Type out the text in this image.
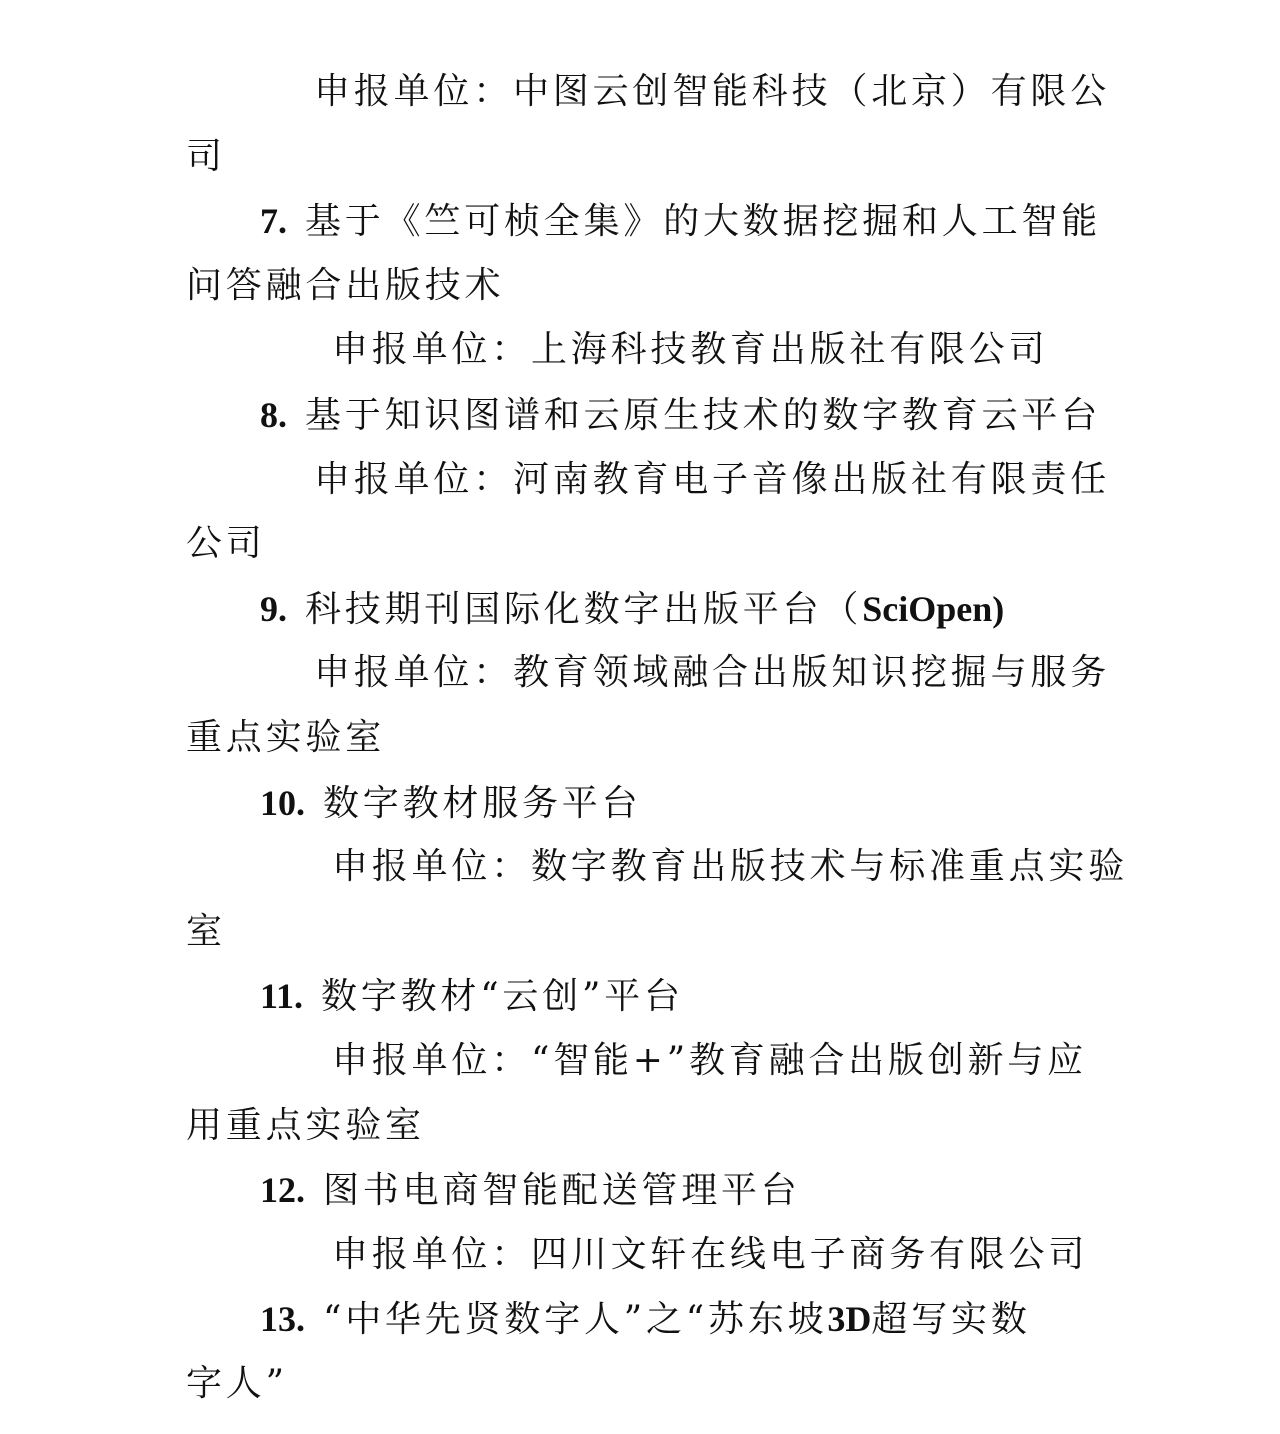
申报单位：中图云创智能科技（北京）有限公
司
7. 基于《竺可桢全集》的大数据挖掘和人工智能
问答融合出版技术
申报单位：上海科技教育出版社有限公司
8. 基于知识图谱和云原生技术的数字教育云平台
申报单位：河南教育电子音像出版社有限责任
公司
9. 科技期刊国际化数字出版平台（SciOpen)
申报单位：教育领域融合出版知识挖掘与服务
重点实验室
10. 数字教材服务平台
申报单位：数字教育出版技术与标准重点实验
室
11. 数字教材“云创”平台
申报单位：“智能+”教育融合出版创新与应
用重点实验室
12. 图书电商智能配送管理平台
申报单位：四川文轩在线电子商务有限公司
13. “中华先贤数字人”之“苏东坡3D超写实数
字人”
